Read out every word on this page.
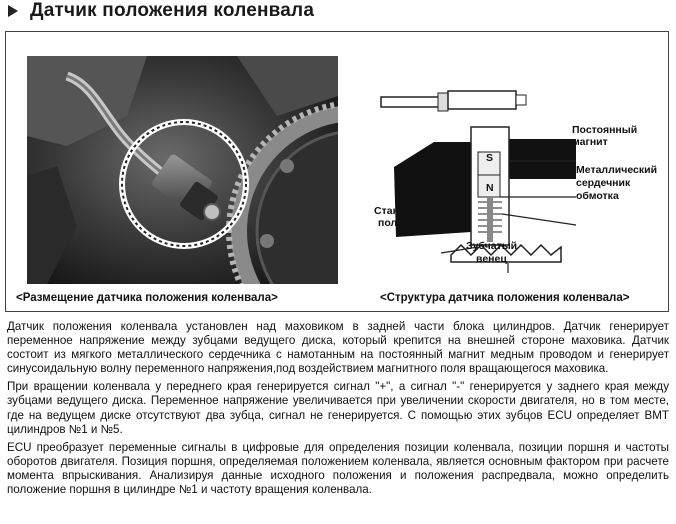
Датчик положения коленвала
S
N
Постоянный
магнит
Металлический
сердечник
обмотка
Стандартное
положение
Зубчатый
венец
<Размещение датчика положения коленвала>	<Структура датчика положения коленвала>

Датчик положения коленвала установлен над маховиком в задней части блока цилиндров. Датчик генерирует переменное напряжение между зубцами ведущего диска, который крепится на внешней стороне маховика. Датчик состоит из мягкого металлического сердечника с намотанным на постоянный магнит медным проводом и генерирует синусоидальную волну переменного напряжения,под воздействием магнитного поля вращающегося маховика.

При вращении коленвала у переднего края генерируется сигнал "+", а сигнал "-" генерируется у заднего края между зубцами ведущего диска. Переменное напряжение увеличивается при увеличении скорости двигателя, но в том месте, где на ведущем диске отсутствуют два зубца, сигнал не генерируется. С помощью этих зубцов ECU определяет ВМТ цилиндров №1 и №5.

ECU преобразует переменные сигналы в цифровые для определения позиции коленвала, позиции поршня и частоты оборотов двигателя. Позиция поршня, определяемая положением коленвала, является основным фактором при расчете момента впрыскивания. Анализируя данные исходного положения и положения распредвала, можно определить положение поршня в цилиндре №1 и частоту вращения коленвала.
